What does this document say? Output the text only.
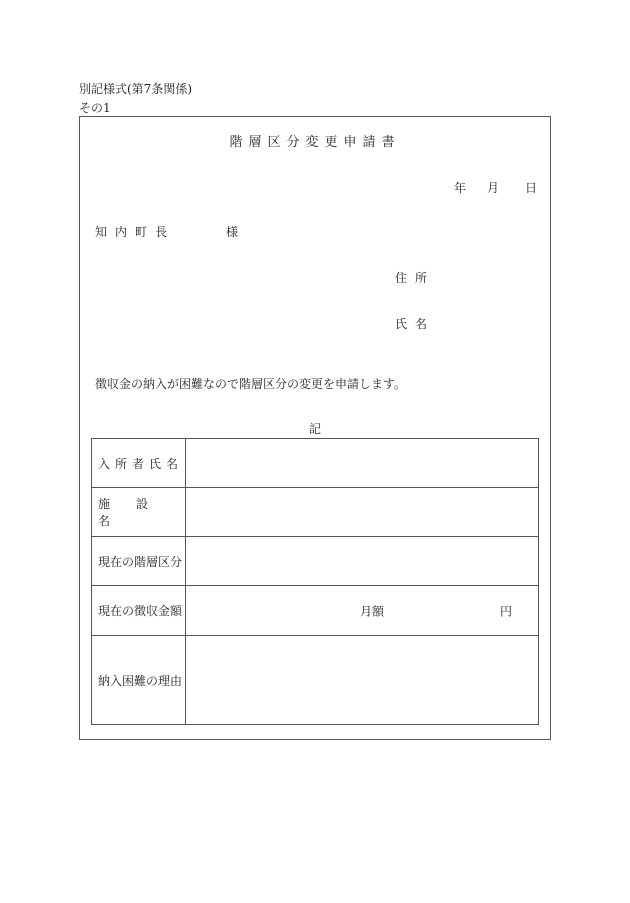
別記様式(第7条関係)
その1
階層区分変更申請書
年 月 日
知内町長	様
住所
氏名
徴収金の納入が困難なので階層区分の変更を申請します。
記
入所者氏名	
施設名	
現在の階層区分	
現在の徴収金額	月額 円

納入困難の理由	
